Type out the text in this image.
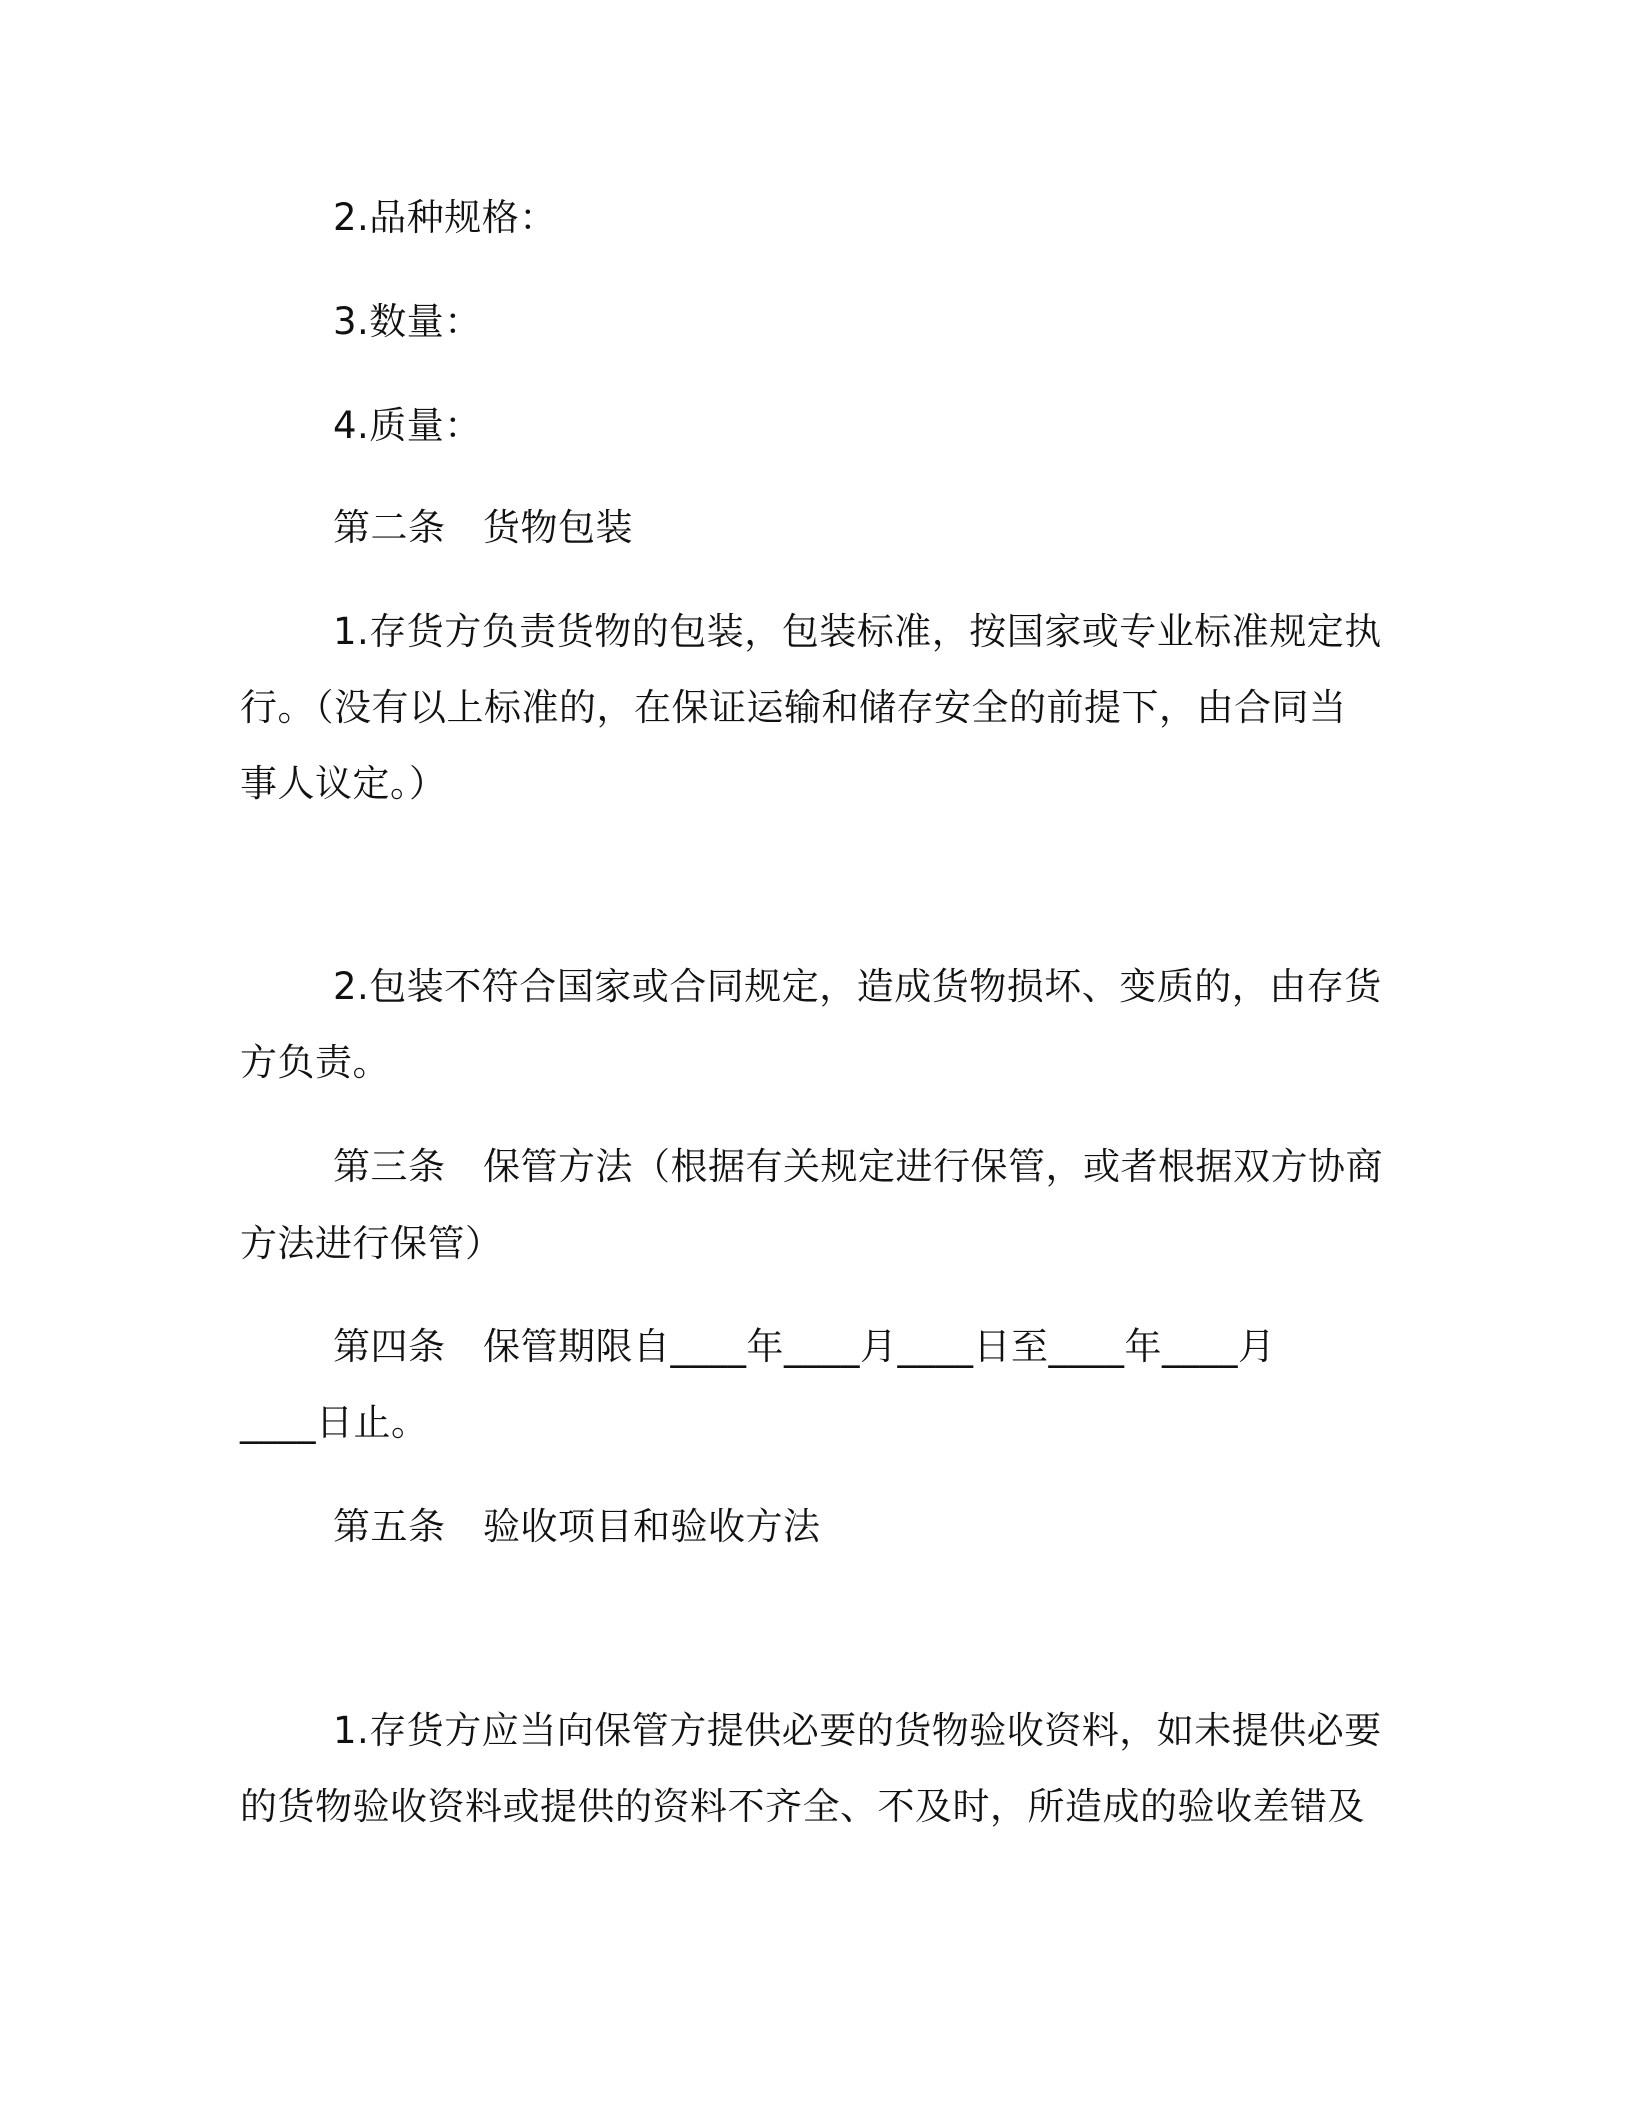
2.品种规格：
3.数量：
4.质量：
第二条　货物包装
1.存货方负责货物的包装，包装标准，按国家或专业标准规定执
行。（没有以上标准的，在保证运输和储存安全的前提下，由合同当
事人议定。）
2.包装不符合国家或合同规定，造成货物损坏、变质的，由存货
方负责。
第三条　保管方法（根据有关规定进行保管，或者根据双方协商
方法进行保管）
第四条　保管期限自____年____月____日至____年____月
____日止。
第五条　验收项目和验收方法
1.存货方应当向保管方提供必要的货物验收资料，如未提供必要
的货物验收资料或提供的资料不齐全、不及时，所造成的验收差错及
